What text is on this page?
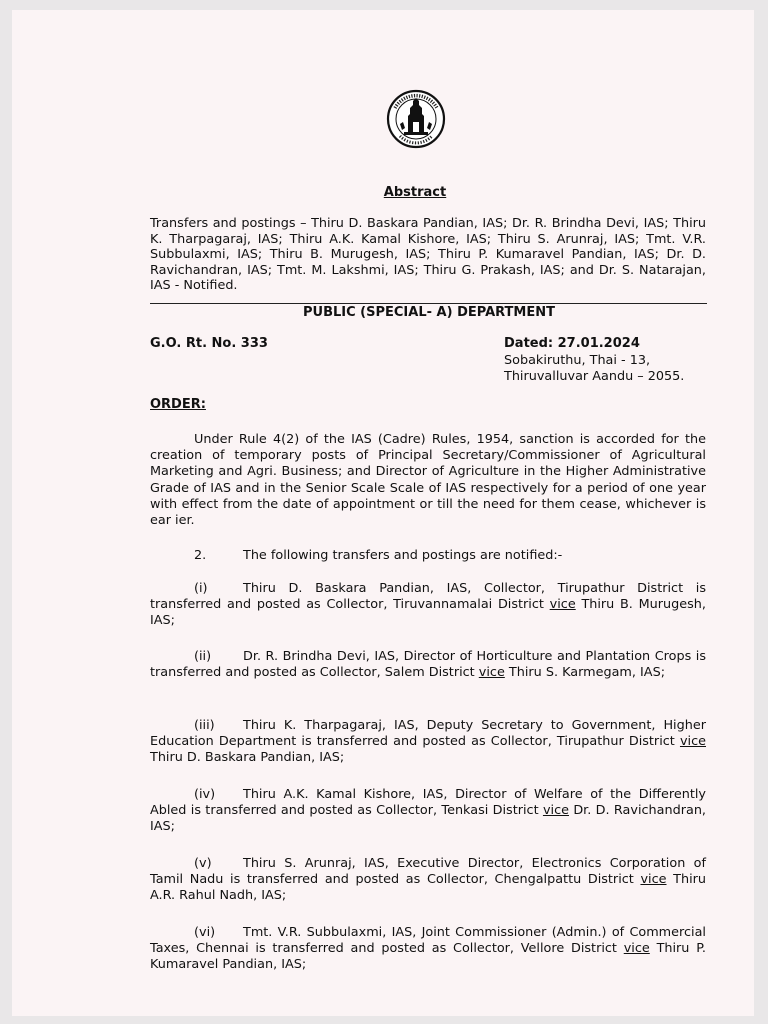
Abstract
Transfers and postings – Thiru D. Baskara Pandian, IAS; Dr. R. Brindha Devi, IAS; Thiru K. Tharpagaraj, IAS; Thiru A.K. Kamal Kishore, IAS; Thiru S. Arunraj, IAS; Tmt. V.R. Subbulaxmi, IAS; Thiru B. Murugesh, IAS; Thiru P. Kumaravel Pandian, IAS; Dr. D. Ravichandran, IAS; Tmt. M. Lakshmi, IAS; Thiru G. Prakash, IAS; and Dr. S. Natarajan, IAS - Notified.
PUBLIC (SPECIAL- A) DEPARTMENT
G.O. Rt. No. 333	Dated: 27.01.2024
Sobakiruthu, Thai - 13,
Thiruvalluvar Aandu – 2055.
ORDER:
Under Rule 4(2) of the IAS (Cadre) Rules, 1954, sanction is accorded for the creation of temporary posts of Principal Secretary/Commissioner of Agricultural Marketing and Agri. Business; and Director of Agriculture in the Higher Administrative Grade of IAS and in the Senior Scale Scale of IAS respectively for a period of one year with effect from the date of appointment or till the need for them cease, whichever is ear ier.
2.	The following transfers and postings are notified:-
(i)	Thiru D. Baskara Pandian, IAS, Collector, Tirupathur District is transferred and posted as Collector, Tiruvannamalai District vice Thiru B. Murugesh, IAS;
(ii) Dr. R. Brindha Devi, IAS, Director of Horticulture and Plantation Crops is transferred and posted as Collector, Salem District vice Thiru S. Karmegam, IAS;
(iii) Thiru K. Tharpagaraj, IAS, Deputy Secretary to Government, Higher Education Department is transferred and posted as Collector, Tirupathur District vice Thiru D. Baskara Pandian, IAS;
(iv) Thiru A.K. Kamal Kishore, IAS, Director of Welfare of the Differently Abled is transferred and posted as Collector, Tenkasi District vice Dr. D. Ravichandran, IAS;
(v) Thiru S. Arunraj, IAS, Executive Director, Electronics Corporation of Tamil Nadu is transferred and posted as Collector, Chengalpattu District vice Thiru A.R. Rahul Nadh, IAS;
(vi) Tmt. V.R. Subbulaxmi, IAS, Joint Commissioner (Admin.) of Commercial Taxes, Chennai is transferred and posted as Collector, Vellore District vice Thiru P. Kumaravel Pandian, IAS;
